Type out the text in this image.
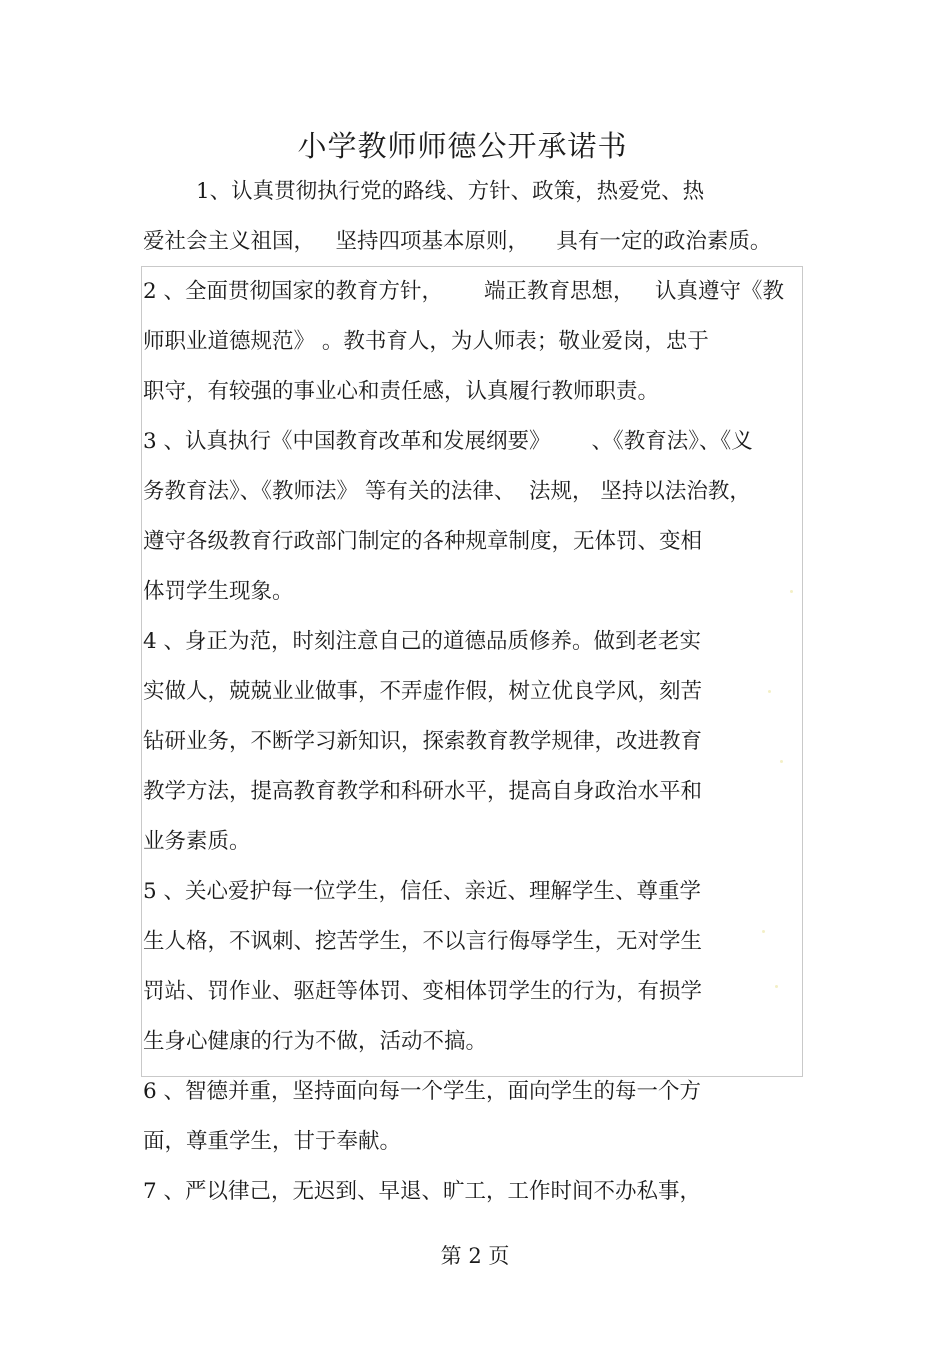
小学教师师德公开承诺书
1、认真贯彻执行党的路线、方针、政策，热爱党、热
爱社会主义祖国，   坚持四项基本原则，    具有一定的政治素质。
2 、全面贯彻国家的教育方针，      端正教育思想，   认真遵守《教
师职业道德规范》 。教书育人，为人师表；敬业爱岗，忠于
职守，有较强的事业心和责任感，认真履行教师职责。
3 、认真执行《中国教育改革和发展纲要》      、《教育法》、《义
务教育法》、《教师法》 等有关的法律、  法规， 坚持以法治教，
遵守各级教育行政部门制定的各种规章制度，无体罚、变相
体罚学生现象。
4 、身正为范，时刻注意自己的道德品质修养。做到老老实
实做人，兢兢业业做事，不弄虚作假，树立优良学风，刻苦
钻研业务，不断学习新知识，探索教育教学规律，改进教育
教学方法，提高教育教学和科研水平，提高自身政治水平和
业务素质。
5 、关心爱护每一位学生，信任、亲近、理解学生、尊重学
生人格，不讽刺、挖苦学生，不以言行侮辱学生，无对学生
罚站、罚作业、驱赶等体罚、变相体罚学生的行为，有损学
生身心健康的行为不做，活动不搞。
6 、智德并重，坚持面向每一个学生，面向学生的每一个方
面，尊重学生，甘于奉献。
7 、严以律己，无迟到、早退、旷工，工作时间不办私事，
第 2 页
